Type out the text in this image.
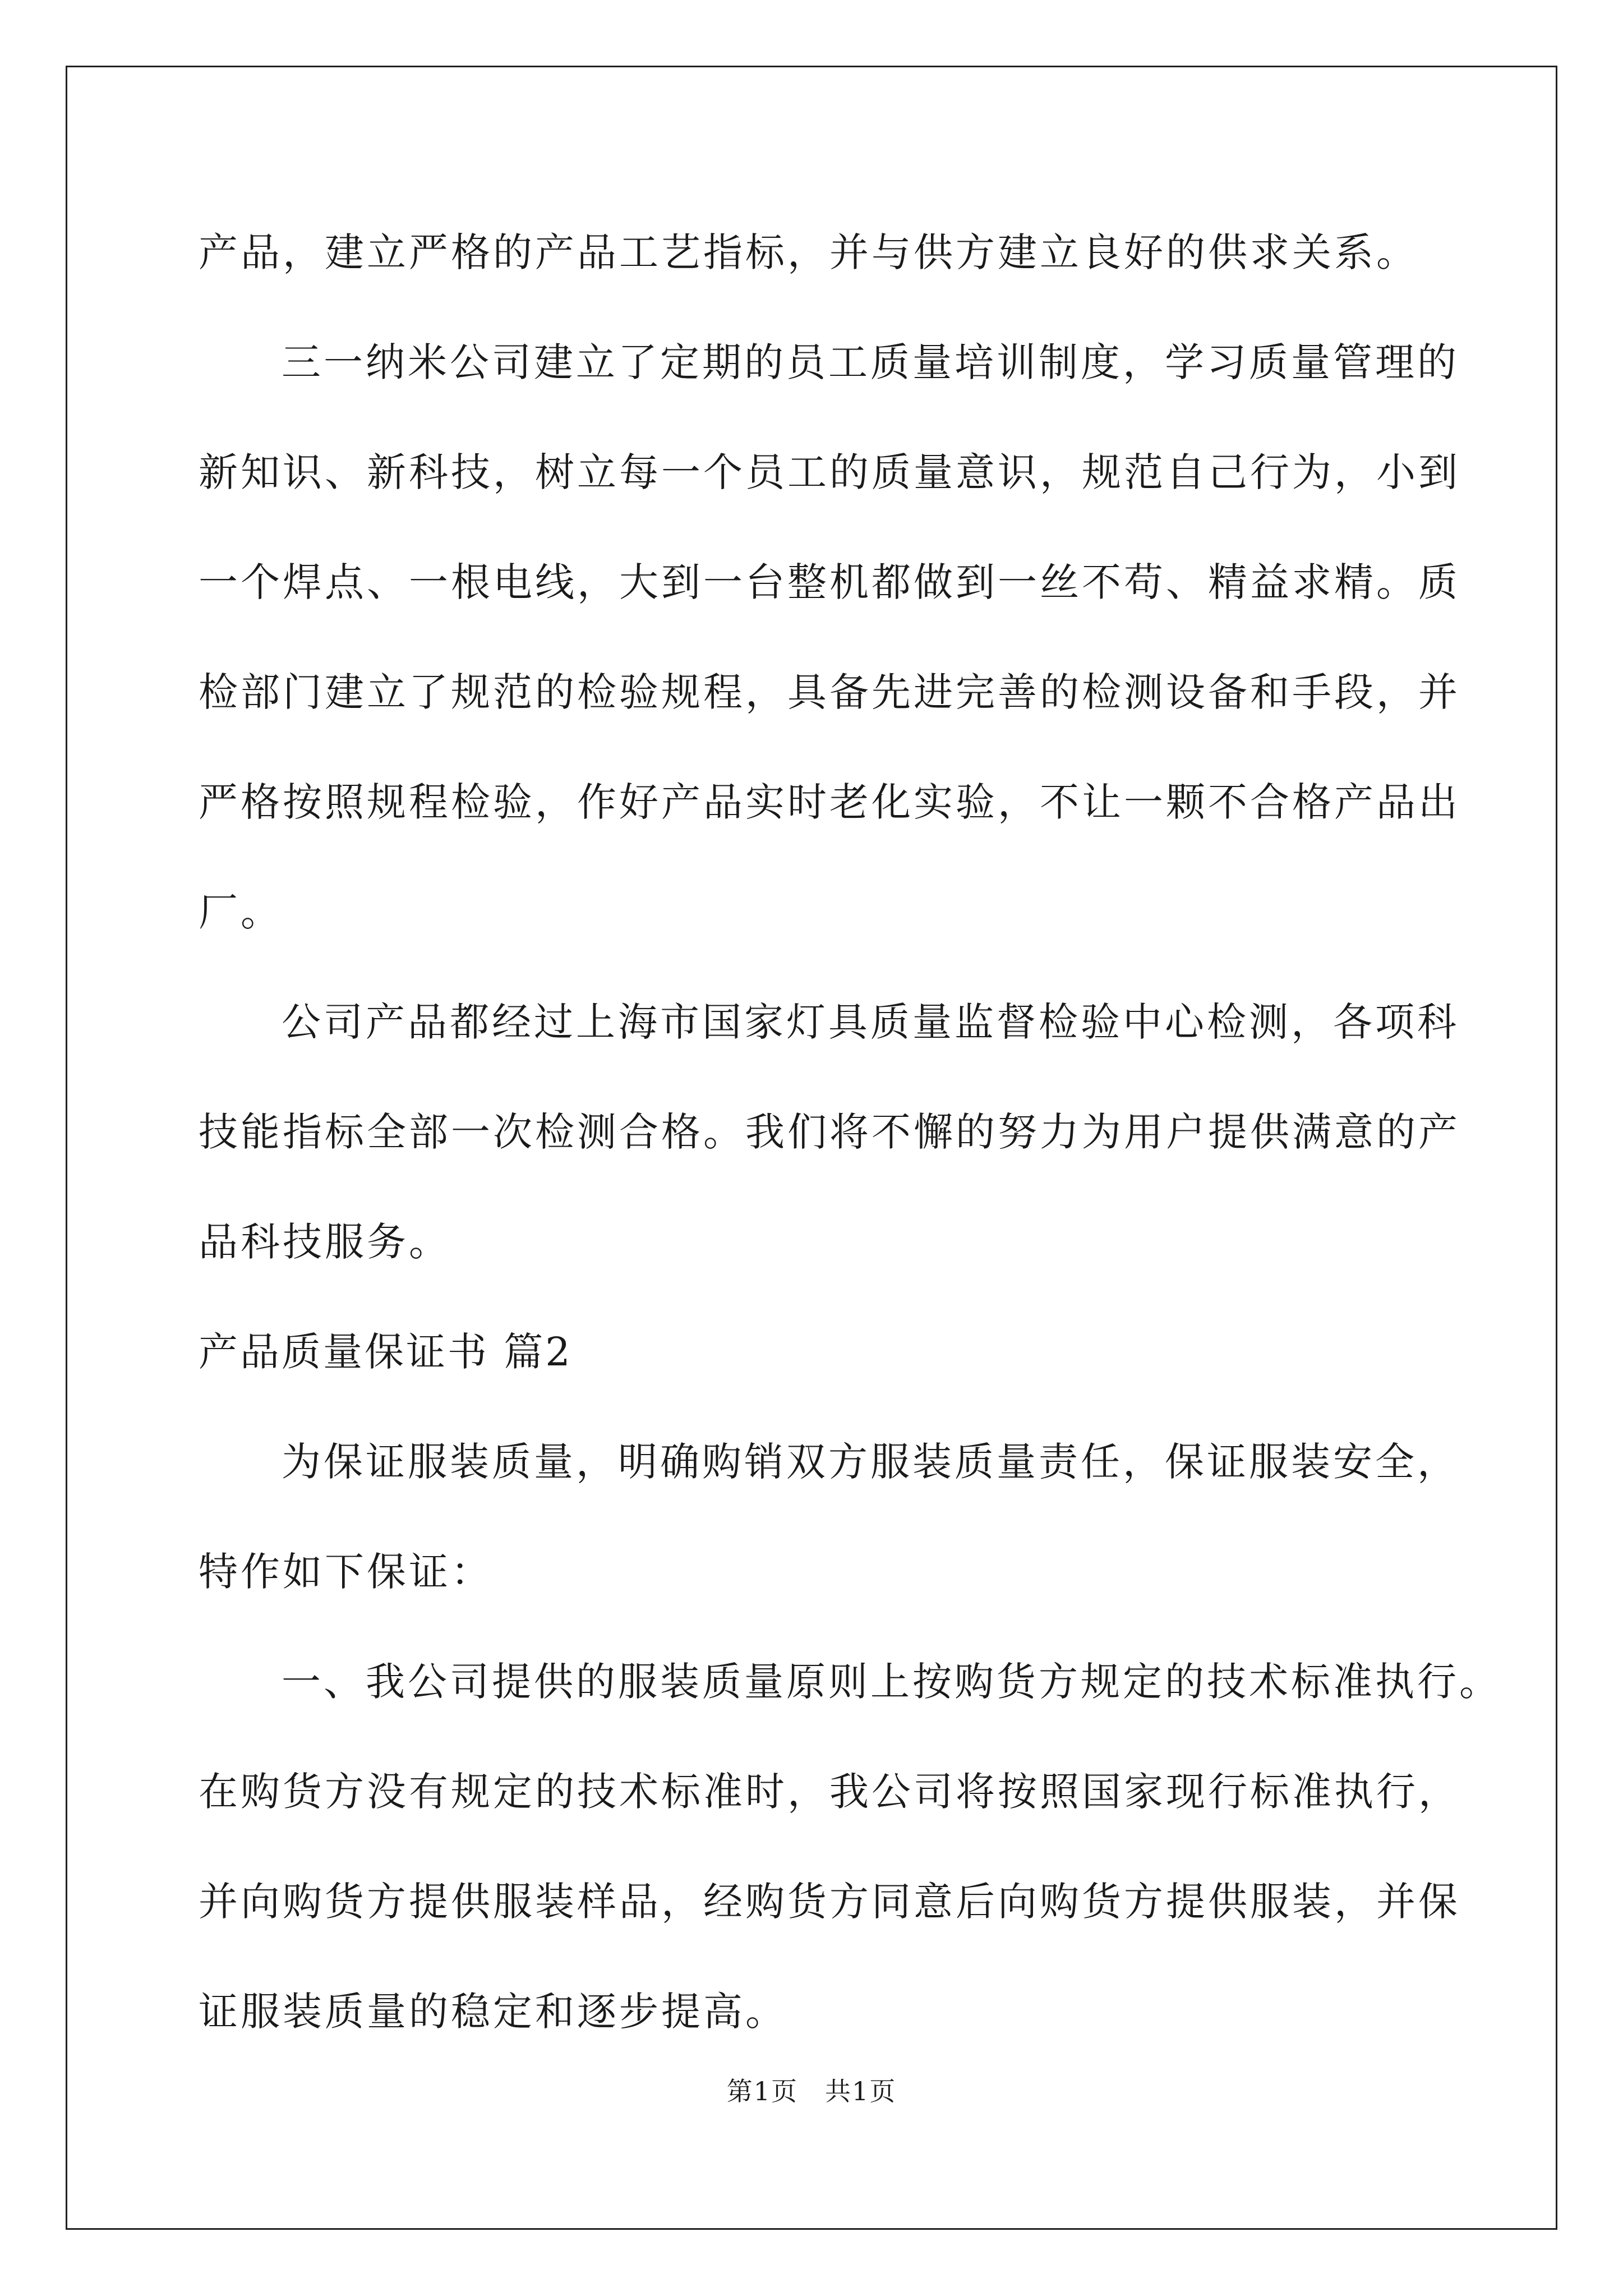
产品，建立严格的产品工艺指标，并与供方建立良好的供求关系。
三一纳米公司建立了定期的员工质量培训制度，学习质量管理的
新知识、新科技，树立每一个员工的质量意识，规范自己行为，小到
一个焊点、一根电线，大到一台整机都做到一丝不苟、精益求精。质
检部门建立了规范的检验规程，具备先进完善的检测设备和手段，并
严格按照规程检验，作好产品实时老化实验，不让一颗不合格产品出
厂。
公司产品都经过上海市国家灯具质量监督检验中心检测，各项科
技能指标全部一次检测合格。我们将不懈的努力为用户提供满意的产
品科技服务。
产品质量保证书 篇2
为保证服装质量，明确购销双方服装质量责任，保证服装安全，
特作如下保证：
一、我公司提供的服装质量原则上按购货方规定的技术标准执行。
在购货方没有规定的技术标准时，我公司将按照国家现行标准执行，
并向购货方提供服装样品，经购货方同意后向购货方提供服装，并保
证服装质量的稳定和逐步提高。
第1页　共1页
